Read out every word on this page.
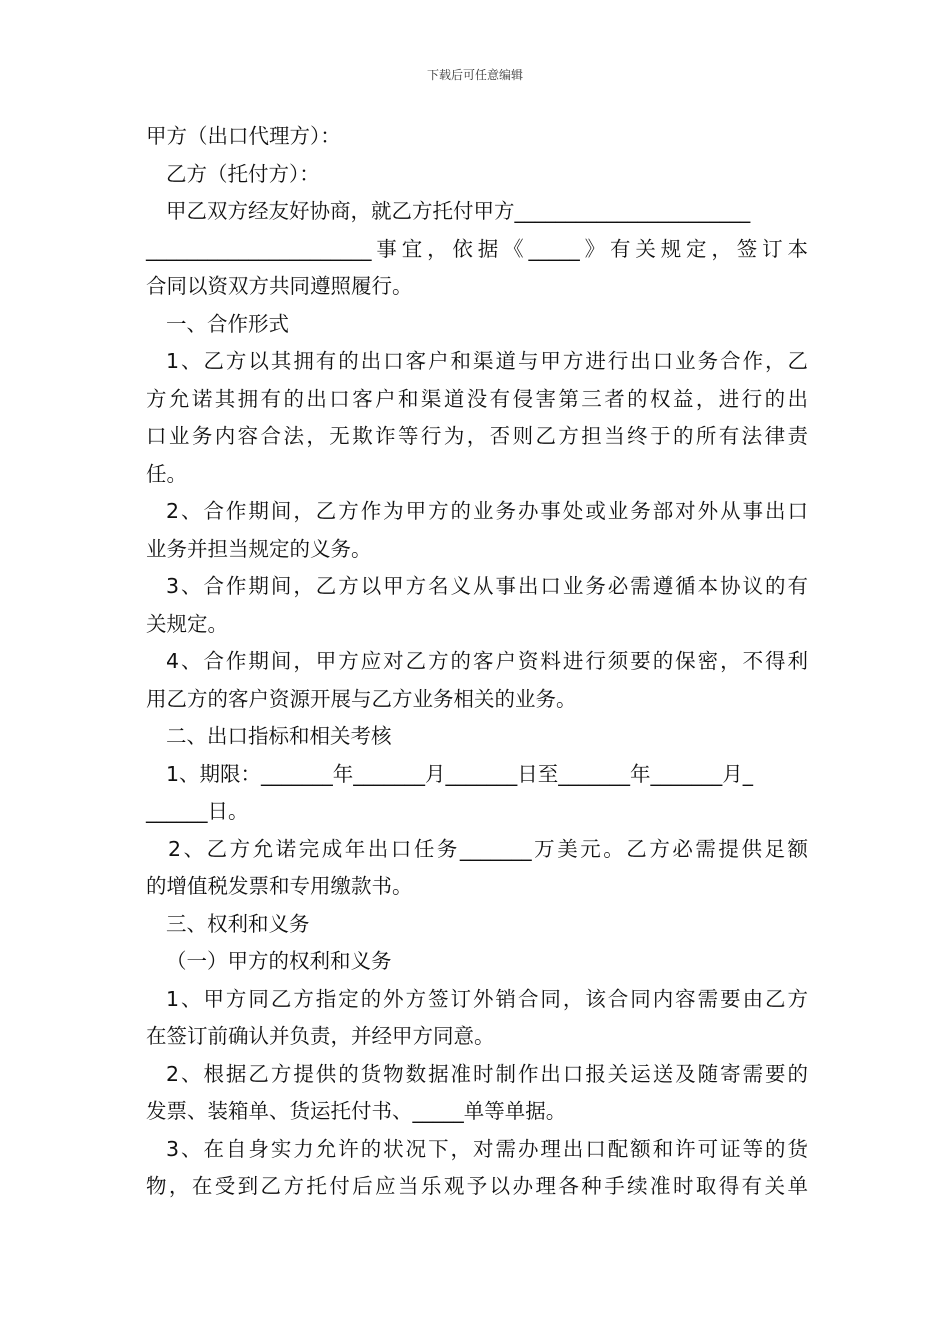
下载后可任意编辑
甲方（出口代理方）：
乙方（托付方）：
甲乙双方经友好协商，就乙方托付甲方_______________________
______________________事宜，依据《_____》有关规定，签订本
合同以资双方共同遵照履行。
一、合作形式
1、乙方以其拥有的出口客户和渠道与甲方进行出口业务合作，乙
方允诺其拥有的出口客户和渠道没有侵害第三者的权益，进行的出
口业务内容合法，无欺诈等行为，否则乙方担当终于的所有法律责
任。
2、合作期间，乙方作为甲方的业务办事处或业务部对外从事出口
业务并担当规定的义务。
3、合作期间，乙方以甲方名义从事出口业务必需遵循本协议的有
关规定。
4、合作期间，甲方应对乙方的客户资料进行须要的保密，不得利
用乙方的客户资源开展与乙方业务相关的业务。
二、出口指标和相关考核
1、期限：_______年_______月_______日至_______年_______月_
______日。
2、乙方允诺完成年出口任务_______万美元。乙方必需提供足额
的增值税发票和专用缴款书。
三、权利和义务
（一）甲方的权利和义务
1、甲方同乙方指定的外方签订外销合同，该合同内容需要由乙方
在签订前确认并负责，并经甲方同意。
2、根据乙方提供的货物数据准时制作出口报关运送及随寄需要的
发票、装箱单、货运托付书、_____单等单据。
3、在自身实力允许的状况下，对需办理出口配额和许可证等的货
物，在受到乙方托付后应当乐观予以办理各种手续准时取得有关单
